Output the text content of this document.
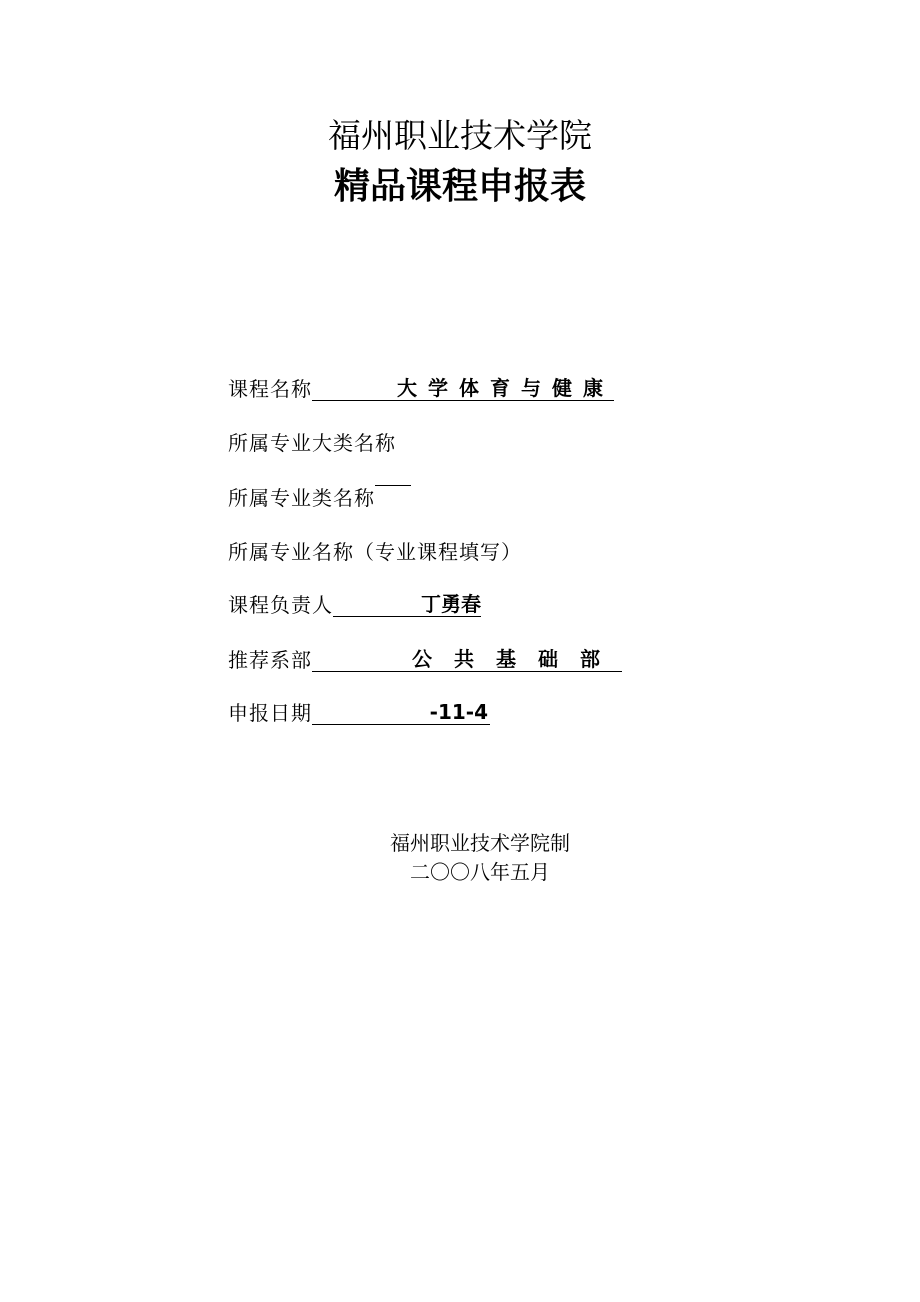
福州职业技术学院
精品课程申报表
课程名称	大学体育与健康
所属专业大类名称
所属专业类名称
所属专业名称（专业课程填写）
课程负责人	丁勇春
推荐系部	公共基础部
申报日期	-11-4
福州职业技术学院制
二〇〇八年五月
